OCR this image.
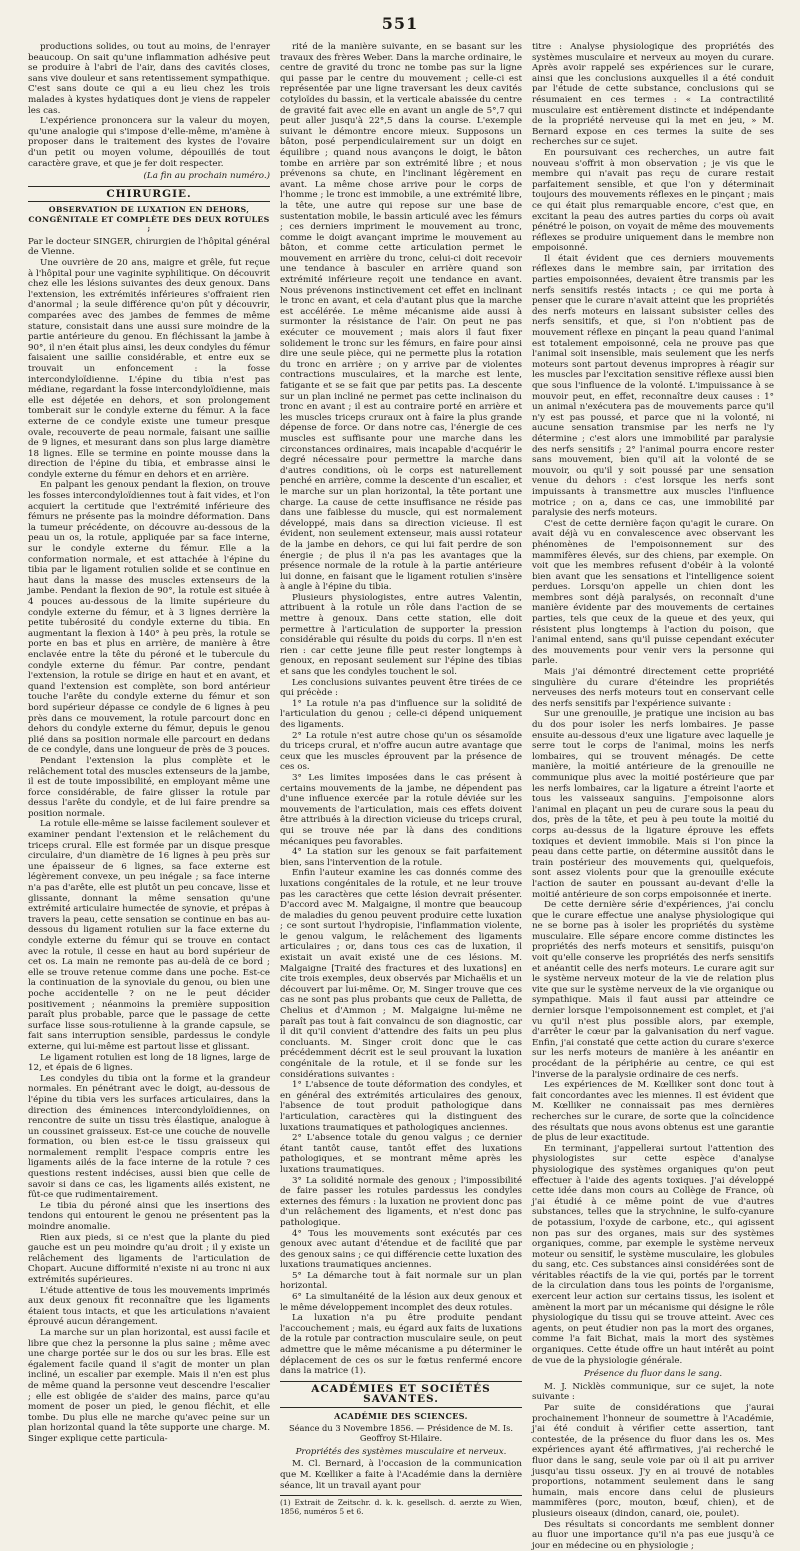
551

productions solides, ou tout au moins, de l'enrayer beaucoup. On sait qu'une inflammation adhésive peut se produire à l'abri de l'air, dans des cavités closes, sans vive douleur et sans retentissement sympathique. C'est sans doute ce qui a eu lieu chez les trois malades à kystes hydatiques dont je viens de rappeler les cas.

L'expérience prononcera sur la valeur du moyen, qu'une analogie qui s'impose d'elle-même, m'amène à proposer dans le traitement des kystes de l'ovaire d'un petit ou moyen volume, dépouillés de tout caractère grave, et que je fer doit respecter.

(La fin au prochain numéro.)

CHIRURGIE.
OBSERVATION DE LUXATION EN DEHORS, CONGÉNITALE ET COMPLÈTE DES DEUX ROTULES ;

Par le docteur SINGER, chirurgien de l'hôpital général de Vienne.

Une ouvrière de 20 ans, maigre et grêle, fut reçue à l'hôpital pour une vaginite syphilitique. On découvrit chez elle les lésions suivantes des deux genoux. Dans l'extension, les extrémités inférieures s'offraient rien d'anormal ; la seule différence qu'on pût y découvrir, comparées avec des jambes de femmes de même stature, consistait dans une aussi sure moindre de la partie antérieure du genou. En fléchissant la jambe à 90°, il n'en était plus ainsi, les deux condyles du fémur faisaient une saillie considérable, et entre eux se trouvait un enfoncement : la fosse intercondyloïdienne. L'épine du tibia n'est pas médiane, regardant la fosse intercondyloïdienne, mais elle est déjetée en dehors, et son prolongement tomberait sur le condyle externe du fémur. A la face externe de ce condyle existe une tumeur presque ovale, recouverte de peau normale, faisant une saillie de 9 lignes, et mesurant dans son plus large diamètre 18 lignes. Elle se termine en pointe mousse dans la direction de l'épine du tibia, et embrasse ainsi le condyle externe du fémur en dehors et en arrière.

En palpant les genoux pendant la flexion, on trouve les fosses intercondyloïdiennes tout à fait vides, et l'on acquiert la certitude que l'extrémité inférieure des fémurs ne présente pas la moindre déformation. Dans la tumeur précédente, on découvre au-dessous de la peau un os, la rotule, appliquée par sa face interne, sur le condyle externe du fémur. Elle a la conformation normale, et est attachée à l'épine du tibia par le ligament rotulien solide et se continue en haut dans la masse des muscles extenseurs de la jambe. Pendant la flexion de 90°, la rotule est située à 4 pouces au-dessous de la limite supérieure du condyle externe du fémur, et à 3 lignes derrière la petite tubérosité du condyle externe du tibia. En augmentant la flexion à 140° à peu près, la rotule se porte en bas et plus en arrière, de manière à être enclavée entre la tête du péroné et le tubercule du condyle externe du fémur. Par contre, pendant l'extension, la rotule se dirige en haut et en avant, et quand l'extension est complète, son bord antérieur touche l'arête du condyle externe du fémur et son bord supérieur dépasse ce condyle de 6 lignes à peu près dans ce mouvement, la rotule parcourt donc en dehors du condyle externe du fémur, depuis le genou plié dans sa position normale elle parcourt en dedans de ce condyle, dans une longueur de près de 3 pouces.

Pendant l'extension la plus complète et le relâchement total des muscles extenseurs de la jambe, il est de toute impossibilité, en employant même une force considérable, de faire glisser la rotule par dessus l'arête du condyle, et de lui faire prendre sa position normale.

La rotule elle-même se laisse facilement soulever et examiner pendant l'extension et le relâchement du triceps crural. Elle est formée par un disque presque circulaire, d'un diamètre de 16 lignes à peu près sur une épaisseur de 6 lignes, sa face externe est légèrement convexe, un peu inégale ; sa face interne n'a pas d'arête, elle est plutôt un peu concave, lisse et glissante, donnant la même sensation qu'une extrémité articulaire humectée de synovie, et prépas à travers la peau, cette sensation se continue en bas au-dessous du ligament rotulien sur la face externe du condyle externe du fémur qui se trouve en contact avec la rotule, il cesse en haut au bord supérieur de cet os. La main ne remonte pas au-delà de ce bord ; elle se trouve retenue comme dans une poche. Est-ce la continuation de la synoviale du genou, ou bien une poche accidentelle ? on ne le peut décider positivement ; néanmoins la première supposition paraît plus probable, parce que le passage de cette surface lisse sous-rotulienne à la grande capsule, se fait sans interruption sensible, pardessus le condyle externe, qui lui-même est partout lisse et glissant.

Le ligament rotulien est long de 18 lignes, large de 12, et épais de 6 lignes.

Les condyles du tibia ont la forme et la grandeur normales. En pénétrant avec le doigt, au-dessous de l'épine du tibia vers les surfaces articulaires, dans la direction des éminences intercondyloïdiennes, on rencontre de suite un tissu très élastique, analogue à un coussinet graisseux. Est-ce une couche de nouvelle formation, ou bien est-ce le tissu graisseux qui normalement remplit l'espace compris entre les ligaments ailés de la face interne de la rotule ? ces questions restent indécises, aussi bien que celle de savoir si dans ce cas, les ligaments ailés existent, ne fût-ce que rudimentairement.

Le tibia du péroné ainsi que les insertions des tendons qui entourent le genou ne présentent pas la moindre anomalie.

Rien aux pieds, si ce n'est que la plante du pied gauche est un peu moindre qu'au droit ; il y existe un relâchement des ligaments de l'articulation de Chopart. Aucune difformité n'existe ni au tronc ni aux extrémités supérieures.

L'étude attentive de tous les mouvements imprimés aux deux genoux fit reconnaître que les ligaments étaient tous intacts, et que les articulations n'avaient éprouvé aucun dérangement.

La marche sur un plan horizontal, est aussi facile et libre que chez la personne la plus saine ; même avec une charge portée sur le dos ou sur les bras. Elle est également facile quand il s'agit de monter un plan incliné, un escalier par exemple. Mais il n'en est plus de même quand la personne veut descendre l'escalier ; elle est obligée de s'aider des mains, parce qu'au moment de poser un pied, le genou fléchit, et elle tombe. Du plus elle ne marche qu'avec peine sur un plan horizontal quand la tête supporte une charge. M. Singer explique cette particula-

rité de la manière suivante, en se basant sur les travaux des frères Weber. Dans la marche ordinaire, le centre de gravité du tronc ne tombe pas sur la ligne qui passe par le centre du mouvement ; celle-ci est représentée par une ligne traversant les deux cavités cotyloïdes du bassin, et la verticale abaissée du centre de gravité fait avec elle en avant un angle de 5°,7 qui peut aller jusqu'à 22°,5 dans la course. L'exemple suivant le démontre encore mieux. Supposons un bâton, posé perpendiculairement sur un doigt en équilibre ; quand nous avançons le doigt, le bâton tombe en arrière par son extrémité libre ; et nous prévenons sa chute, en l'inclinant légèrement en avant. La même chose arrive pour le corps de l'homme ; le tronc est immobile, a une extrémité libre, la tête, une autre qui repose sur une base de sustentation mobile, le bassin articulé avec les fémurs ; ces derniers impriment le mouvement au tronc, comme le doigt avançant imprime le mouvement au bâton, et comme cette articulation permet le mouvement en arrière du tronc, celui-ci doit recevoir une tendance à basculer en arrière quand son extrémité inférieure reçoit une tendance en avant. Nous prévenons instinctivement cet effet en inclinant le tronc en avant, et cela d'autant plus que la marche est accélérée. Le même mécanisme aide aussi à surmonter la résistance de l'air. On peut ne pas exécuter ce mouvement ; mais alors il faut fixer solidement le tronc sur les fémurs, en faire pour ainsi dire une seule pièce, qui ne permette plus la rotation du tronc en arrière ; on y arrive par de violentes contractions musculaires, et la marche est lente, fatigante et se se fait que par petits pas. La descente sur un plan incliné ne permet pas cette inclinaison du tronc en avant ; il est au contraire porté en arrière et les muscles triceps cruraux ont à faire la plus grande dépense de force. Or dans notre cas, l'énergie de ces muscles est suffisante pour une marche dans les circonstances ordinaires, mais incapable d'acquérir le degré nécessaire pour permettre la marche dans d'autres conditions, où le corps est naturellement penché en arrière, comme la descente d'un escalier, et le marche sur un plan horizontal, la tête portant une charge. La cause de cette insuffisance ne réside pas dans une faiblesse du muscle, qui est normalement développé, mais dans sa direction vicieuse. Il est évident, non seulement extenseur, mais aussi rotateur de la jambe en dehors, ce qui lui fait perdre de son énergie ; de plus il n'a pas les avantages que la présence normale de la rotule à la partie antérieure lui donne, en faisant que le ligament rotulien s'insère à angle à l'épine du tibia.

Plusieurs physiologistes, entre autres Valentin, attribuent à la rotule un rôle dans l'action de se mettre à genoux. Dans cette station, elle doit permettre à l'articulation de supporter la pression considérable qui résulte du poids du corps. Il n'en est rien : car cette jeune fille peut rester longtemps à genoux, en reposant seulement sur l'épine des tibias et sans que les condyles touchent le sol.

Les conclusions suivantes peuvent être tirées de ce qui précède :

1° La rotule n'a pas d'influence sur la solidité de l'articulation du genou ; celle-ci dépend uniquement des ligaments.

2° La rotule n'est autre chose qu'un os sésamoïde du triceps crural, et n'offre aucun autre avantage que ceux que les muscles éprouvent par la présence de ces os.

3° Les limites imposées dans le cas présent à certains mouvements de la jambe, ne dépendent pas d'une influence exercée par la rotule déviée sur les mouvements de l'articulation, mais ces effets doivent être attribués à la direction vicieuse du triceps crural, qui se trouve née par là dans des conditions mécaniques peu favorables.

4° La station sur les genoux se fait parfaitement bien, sans l'intervention de la rotule.

Enfin l'auteur examine les cas donnés comme des luxations congénitales de la rotule, et ne leur trouve pas les caractères que cette lésion devrait présenter. D'accord avec M. Malgaigne, il montre que beaucoup de maladies du genou peuvent produire cette luxation ; ce sont surtout l'hydropisie, l'inflammation violente, le genou valgum, le relâchement des ligaments articulaires ; or, dans tous ces cas de luxation, il existait un avait existé une de ces lésions. M. Malgaigne [Traité des fractures et des luxations] en cite trois exemples, deux observés par Michaëlis et un découvert par lui-même. Or, M. Singer trouve que ces cas ne sont pas plus probants que ceux de Palletta, de Chelius et d'Ammon ; M. Malgaigne lui-même ne paraît pas tout à fait convaincu de son diagnostic, car il dit qu'il convient d'attendre des faits un peu plus concluants. M. Singer croit donc que le cas précédemment décrit est le seul prouvant la luxation congénitale de la rotule, et il se fonde sur les considérations suivantes :

1° L'absence de toute déformation des condyles, et en général des extrémités articulaires des genoux, l'absence de tout produit pathologique dans l'articulation, caractères qui la distinguent des luxations traumatiques et pathologiques anciennes.

2° L'absence totale du genou valgus ; ce dernier étant tantôt cause, tantôt effet des luxations pathologiques, et se montrant même après les luxations traumatiques.

3° La solidité normale des genoux ; l'impossibilité de faire passer les rotules pardessus les condyles externes des fémurs : la luxation ne provient donc pas d'un relâchement des ligaments, et n'est donc pas pathologique.

4° Tous les mouvements sont exécutés par ces genoux avec autant d'étendue et de facilité que par des genoux sains ; ce qui différencie cette luxation des luxations traumatiques anciennes.

5° La démarche tout à fait normale sur un plan horizontal.

6° La simultanéité de la lésion aux deux genoux et le même développement incomplet des deux rotules.

La luxation n'a pu être produite pendant l'accouchement ; mais, eu égard aux faits de luxations de la rotule par contraction musculaire seule, on peut admettre que le même mécanisme a pu déterminer le déplacement de ces os sur le fœtus renfermé encore dans la matrice (1).

ACADÉMIES ET SOCIÉTÉS SAVANTES.
ACADÉMIE DES SCIENCES.
Séance du 3 Novembre 1856. — Présidence de M. Is. Geoffroy St-Hilaire.
Propriétés des systèmes musculaire et nerveux.

M. Cl. Bernard, à l'occasion de la communication que M. Kœlliker a faite à l'Académie dans la dernière séance, lit un travail ayant pour

(1) Extrait de Zeitschr. d. k. k. gesellsch. d. aerzte zu Wien, 1856, numéros 5 et 6.

titre : Analyse physiologique des propriétés des systèmes musculaire et nerveux au moyen du curare. Après avoir rappelé ses expériences sur le curare, ainsi que les conclusions auxquelles il a été conduit par l'étude de cette substance, conclusions qui se résumaient en ces termes : « La contractilité musculaire est entièrement distincte et indépendante de la propriété nerveuse qui la met en jeu, » M. Bernard expose en ces termes la suite de ses recherches sur ce sujet.

En poursuivant ces recherches, un autre fait nouveau s'offrit à mon observation ; je vis que le membre qui n'avait pas reçu de curare restait parfaitement sensible, et que l'on y déterminait toujours des mouvements réflexes en le pinçant ; mais ce qui était plus remarquable encore, c'est que, en excitant la peau des autres parties du corps où avait pénétré le poison, on voyait de même des mouvements réflexes se produire uniquement dans le membre non empoisonné.

Il était évident que ces derniers mouvements réflexes dans le membre sain, par irritation des parties empoisonnées, devaient être transmis par les nerfs sensitifs restés intacts ; ce qui me porta à penser que le curare n'avait atteint que les propriétés des nerfs moteurs en laissant subsister celles des nerfs sensitifs, et que, si l'on n'obtient pas de mouvement réflexe en pinçant la peau quand l'animal est totalement empoisonné, cela ne prouve pas que l'animal soit insensible, mais seulement que les nerfs moteurs sont partout devenus impropres à réagir sur les muscles par l'excitation sensitive réflexe aussi bien que sous l'influence de la volonté. L'impuissance à se mouvoir peut, en effet, reconnaître deux causes : 1° un animal n'exécutera pas de mouvements parce qu'il n'y est pas poussé, et parce que ni la volonté, ni aucune sensation transmise par les nerfs ne l'y détermine ; c'est alors une immobilité par paralysie des nerfs sensitifs ; 2° l'animal pourra encore rester sans mouvement, bien qu'il ait la volonté de se mouvoir, ou qu'il y soit poussé par une sensation venue du dehors : c'est lorsque les nerfs sont impuissants à transmettre aux muscles l'influence motrice ; on a, dans ce cas, une immobilité par paralysie des nerfs moteurs.

C'est de cette dernière façon qu'agit le curare. On avait déjà vu en convalescence avec observant les phénomènes de l'empoisonnement sur des mammifères élevés, sur des chiens, par exemple. On voit que les membres refusent d'obéir à la volonté bien avant que les sensations et l'intelligence soient perdues. Lorsqu'on appelle un chien dont les membres sont déjà paralysés, on reconnaît d'une manière évidente par des mouvements de certaines parties, tels que ceux de la queue et des yeux, qui résistent plus longtemps à l'action du poison, que l'animal entend, sans qu'il puisse cependant exécuter des mouvements pour venir vers la personne qui parle.

Mais j'ai démontré directement cette propriété singulière du curare d'éteindre les propriétés nerveuses des nerfs moteurs tout en conservant celle des nerfs sensitifs par l'expérience suivante :

Sur une grenouille, je pratique une incision au bas du dos pour isoler les nerfs lombaires. Je passe ensuite au-dessous d'eux une ligature avec laquelle je serre tout le corps de l'animal, moins les nerfs lombaires, qui se trouvent ménagés. De cette manière, la moitié antérieure de la grenouille ne communique plus avec la moitié postérieure que par les nerfs lombaires, car la ligature a étreint l'aorte et tous les vaisseaux sanguins. J'empoisonne alors l'animal en plaçant un peu de curare sous la peau du dos, près de la tête, et peu à peu toute la moitié du corps au-dessus de la ligature éprouve les effets toxiques et devient immobile. Mais si l'on pince la peau dans cette partie, on détermine aussitôt dans le train postérieur des mouvements qui, quelquefois, sont assez violents pour que la grenouille exécute l'action de sauter en poussant au-devant d'elle la moitié antérieure de son corps empoisonnée et inerte.

De cette dernière série d'expériences, j'ai conclu que le curare effectue une analyse physiologique qui ne se borne pas à isoler les propriétés du système musculaire. Elle sépare encore comme distinctes les propriétés des nerfs moteurs et sensitifs, puisqu'on voit qu'elle conserve les propriétés des nerfs sensitifs et anéantit celle des nerfs moteurs. Le curare agit sur le système nerveux moteur de la vie de relation plus vite que sur le système nerveux de la vie organique ou sympathique. Mais il faut aussi par atteindre ce dernier lorsque l'empoisonnement est complet, et j'ai vu qu'il n'est plus possible alors, par exemple, d'arrêter le cœur par la galvanisation du nerf vague. Enfin, j'ai constaté que cette action du curare s'exerce sur les nerfs moteurs de manière à les anéantir en procédant de la périphérie au centre, ce qui est l'inverse de la paralysie ordinaire de ces nerfs.

Les expériences de M. Kœlliker sont donc tout à fait concordantes avec les miennes. Il est évident que M. Kœlliker ne connaissait pas mes dernières recherches sur le curare, de sorte que la coïncidence des résultats que nous avons obtenus est une garantie de plus de leur exactitude.

En terminant, j'appellerai surtout l'attention des physiologistes sur cette espèce d'analyse physiologique des systèmes organiques qu'on peut effectuer à l'aide des agents toxiques. J'ai développé cette idée dans mon cours au Collège de France, où j'ai étudié à ce même point de vue d'autres substances, telles que la strychnine, le sulfo-cyanure de potassium, l'oxyde de carbone, etc., qui agissent non pas sur des organes, mais sur des systèmes organiques, comme, par exemple le système nerveux moteur ou sensitif, le système musculaire, les globules du sang, etc. Ces substances ainsi considérées sont de véritables réactifs de la vie qui, portés par le torrent de la circulation dans tous les points de l'organisme, exercent leur action sur certains tissus, les isolent et amènent la mort par un mécanisme qui désigne le rôle physiologique du tissu qui se trouve atteint. Avec ces agents, on peut étudier non pas la mort des organes, comme l'a fait Bichat, mais la mort des systèmes organiques. Cette étude offre un haut intérêt au point de vue de la physiologie générale.

Présence du fluor dans le sang.

M. J. Nicklès communique, sur ce sujet, la note suivante :

Par suite de considérations que j'aurai prochainement l'honneur de soumettre à l'Académie, j'ai été conduit à vérifier cette assertion, tant contestée, de la présence du fluor dans les os. Mes expériences ayant été affirmatives, j'ai recherché le fluor dans le sang, seule voie par où il ait pu arriver jusqu'au tissu osseux. J'y en ai trouvé de notables proportions, notamment seulement dans le sang humain, mais encore dans celui de plusieurs mammifères (porc, mouton, bœuf, chien), et de plusieurs oiseaux (dindon, canard, oie, poulet).

Des résultats si concordants me semblent donner au fluor une importance qu'il n'a pas eue jusqu'à ce jour en médecine ou en physiologie ;
